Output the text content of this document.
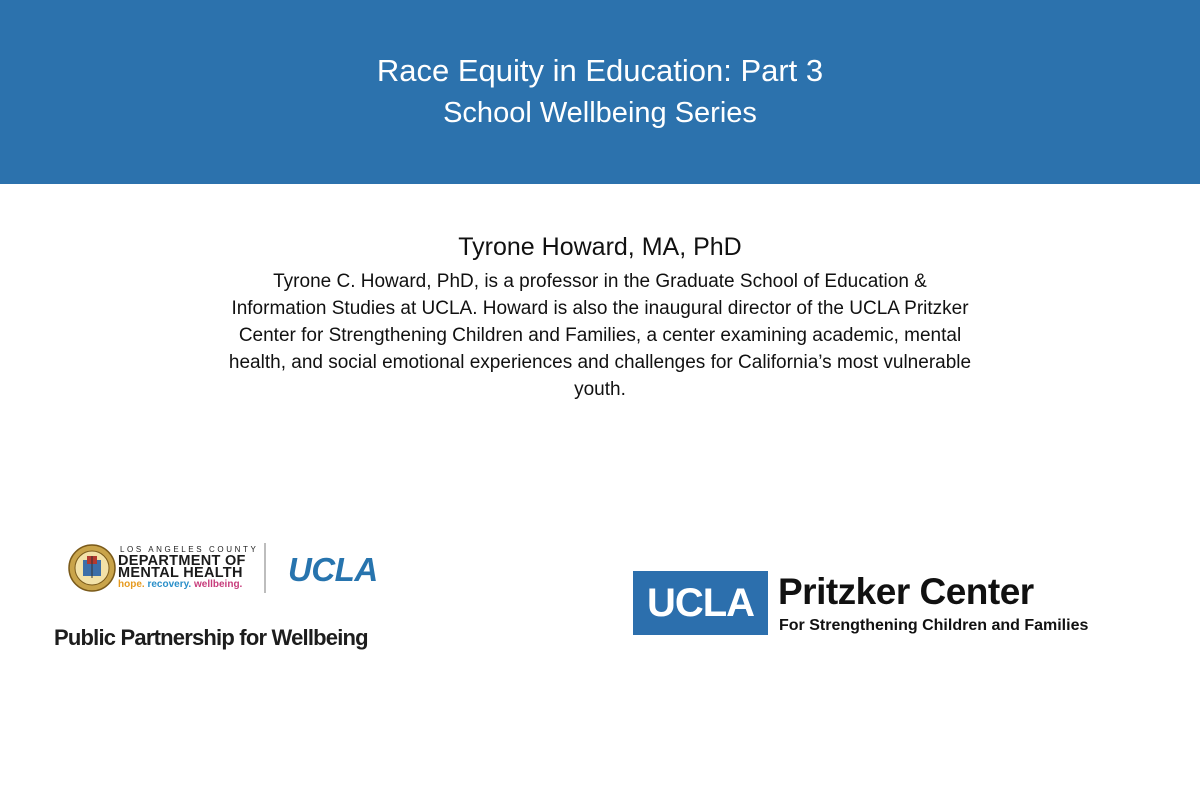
Race Equity in Education: Part 3
School Wellbeing Series
Tyrone Howard, MA, PhD
Tyrone C. Howard, PhD, is a professor in the Graduate School of Education & Information Studies at UCLA. Howard is also the inaugural director of the UCLA Pritzker Center for Strengthening Children and Families, a center examining academic, mental health, and social emotional experiences and challenges for California’s most vulnerable youth.
LOS ANGELES COUNTY
DEPARTMENT OF
MENTAL HEALTH
hope. recovery. wellbeing. UCLA
Public Partnership for Wellbeing
UCLA Pritzker Center
For Strengthening Children and Families
